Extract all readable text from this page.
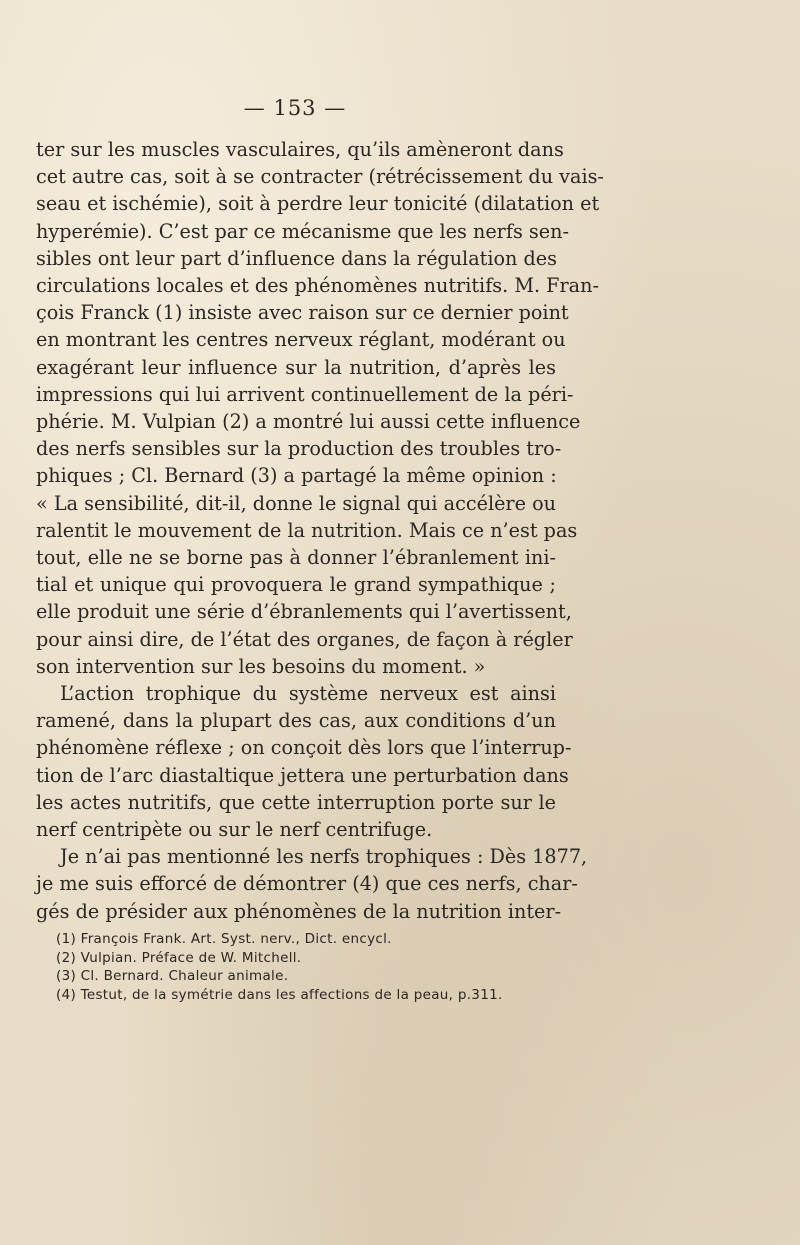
— 153 —
ter sur les muscles vasculaires, qu’ils amèneront dans
cet autre cas, soit à se contracter (rétrécissement du vais-
seau et ischémie), soit à perdre leur tonicité (dilatation et
hyperémie). C’est par ce mécanisme que les nerfs sen-
sibles ont leur part d’influence dans la régulation des
circulations locales et des phénomènes nutritifs. M. Fran-
çois Franck (1) insiste avec raison sur ce dernier point
en montrant les centres nerveux réglant, modérant ou
exagérant leur influence sur la nutrition, d’après les
impressions qui lui arrivent continuellement de la péri-
phérie. M. Vulpian (2) a montré lui aussi cette influence
des nerfs sensibles sur la production des troubles tro-
phiques ; Cl. Bernard (3) a partagé la même opinion :
« La sensibilité, dit-il, donne le signal qui accélère ou
ralentit le mouvement de la nutrition. Mais ce n’est pas
tout, elle ne se borne pas à donner l’ébranlement ini-
tial et unique qui provoquera le grand sympathique ;
elle produit une série d’ébranlements qui l’avertissent,
pour ainsi dire, de l’état des organes, de façon à régler
son intervention sur les besoins du moment. »
L’action trophique du système nerveux est ainsi
ramené, dans la plupart des cas, aux conditions d’un
phénomène réflexe ; on conçoit dès lors que l’interrup-
tion de l’arc diastaltique jettera une perturbation dans
les actes nutritifs, que cette interruption porte sur le
nerf centripète ou sur le nerf centrifuge.
Je n’ai pas mentionné les nerfs trophiques : Dès 1877,
je me suis efforcé de démontrer (4) que ces nerfs, char-
gés de présider aux phénomènes de la nutrition inter-
(1) François Frank. Art. Syst. nerv., Dict. encycl.
(2) Vulpian. Préface de W. Mitchell.
(3) Cl. Bernard. Chaleur animale.
(4) Testut, de la symétrie dans les affections de la peau, p.311.
